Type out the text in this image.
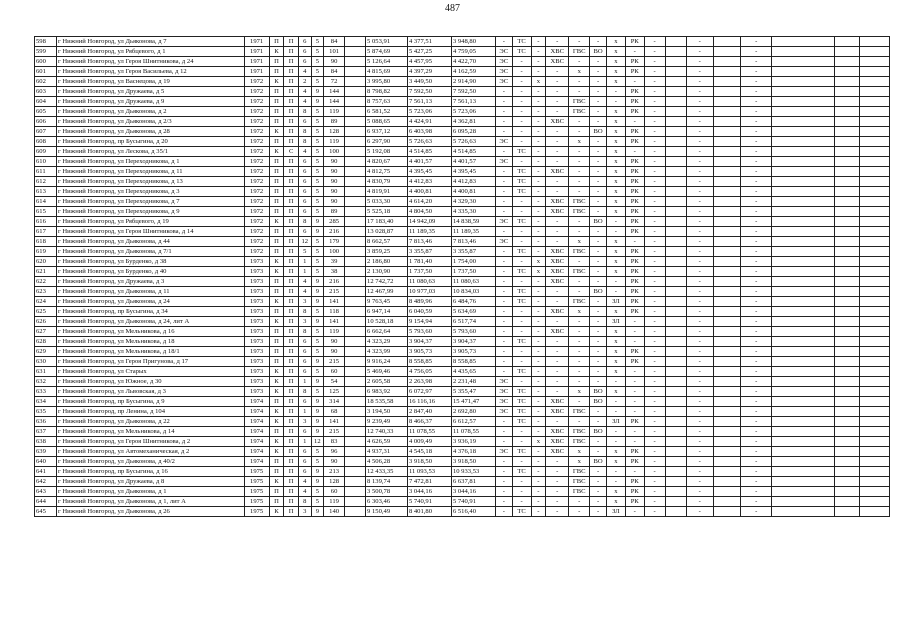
487
598	г Нижний Новгород, ул Дьяконова, д 7	1971	П	П	6	5	84		5 053,91	4 377,51	3 948,80	-	ТС	-	-	-	-	x	РК	-		-		-			
599	г Нижний Новгород, ул Рябцевого, д 1	1971	К	П	6	5	101		5 874,69	5 427,25	4 759,05	ЭС	ТС	-	ХВС	ГВС	ВО	x	-	-		-		-			
600	г Нижний Новгород, ул Героя Шнитникова, д 24	1971	П	П	6	5	90		5 126,64	4 457,95	4 422,70	ЭС	-	-	ХВС	-	-	x	РК	-		-		-			
601	г Нижний Новгород, ул Героя Васильева, д 12	1971	П	П	4	5	84		4 815,69	4 397,29	4 162,59	ЭС	-	-	-	x	-	x	РК	-		-		-			
602	г Нижний Новгород, ул Васнецова, д 19	1972	К	П	2	5	72		3 995,80	3 449,50	2 914,90	ЭС	-	x	-	-	-	x	-	-		-		-			
603	г Нижний Новгород, ул Дружаева, д 5	1972	П	П	4	9	144		8 798,82	7 592,50	7 592,50	-	-	-	-	-	-	-	РК	-		-		-			
604	г Нижний Новгород, ул Дружаева, д 9	1972	П	П	4	9	144		8 757,63	7 561,13	7 561,13	-	-	-	-	ГВС	-	-	РК	-		-		-			
605	г Нижний Новгород, ул Дьяконова, д 2	1972	П	П	8	5	119		6 581,52	5 723,06	5 723,06	-	-	-	-	ГВС	-	x	РК	-		-		-			
606	г Нижний Новгород, ул Дьяконова, д 2/3	1972	П	П	6	5	89		5 088,65	4 424,91	4 362,81	-	-	-	ХВС	-	-	x	-	-		-		-			
607	г Нижний Новгород, ул Дьяконова, д 28	1972	К	П	8	5	128		6 937,12	6 403,98	6 095,28	-	-	-	-	-	ВО	x	РК	-		-		-			
608	г Нижний Новгород, пр Бусыгина, д 20	1972	П	П	8	5	119		6 297,90	5 726,63	5 726,63	ЭС	-	-	-	x	-	x	РК	-		-		-			
609	г Нижний Новгород, ул Лескова, д 35/1	1972	К	С	4	5	100		5 192,08	4 514,85	4 514,85	-	ТС	-	-	-	-	x	-	-		-		-			
610	г Нижний Новгород, ул Переходникова, д 1	1972	П	П	6	5	90		4 820,67	4 401,57	4 401,57	ЭС	-	-	-	-	-	x	РК	-		-		-			
611	г Нижний Новгород, ул Переходникова, д 11	1972	П	П	6	5	90		4 812,75	4 395,45	4 395,45	-	ТС	-	ХВС	-	-	x	РК	-		-		-			
612	г Нижний Новгород, ул Переходникова, д 13	1972	П	П	6	5	90		4 830,79	4 412,83	4 412,83	-	ТС	-	-	-	-	x	РК	-		-		-			
613	г Нижний Новгород, ул Переходникова, д 3	1972	П	П	6	5	90		4 819,91	4 400,81	4 400,81	-	ТС	-	-	-	-	x	РК	-		-		-			
614	г Нижний Новгород, ул Переходникова, д 7	1972	П	П	6	5	90		5 033,30	4 614,20	4 329,30	-	-	-	ХВС	ГВС	-	x	РК	-		-		-			
615	г Нижний Новгород, ул Переходникова, д 9	1972	П	П	6	5	89		5 525,18	4 804,50	4 335,30	-	-	-	ХВС	ГВС	-	x	РК	-		-		-			
616	г Нижний Новгород, ул Рябцевого, д 19	1972	К	П	8	9	285		17 183,40	14 942,09	14 838,59	ЭС	ТС	-	-	-	ВО	-	РК	-		-		-			
617	г Нижний Новгород, ул Героя Шнитникова, д 14	1972	П	П	6	9	216		13 028,87	11 189,35	11 189,35	-	-	-	-	-	-	-	РК	-		-		-			
618	г Нижний Новгород, ул Дьяконова, д 44	1972	П	П	12	5	179		8 662,57	7 813,46	7 813,46	ЭС	-	-	-	x	-	x	-	-		-		-			
619	г Нижний Новгород, ул Дьяконова, д 7/1	1972	П	П	5	5	100		3 859,25	3 355,87	3 355,87	-	ТС	-	ХВС	ГВС	-	x	РК	-		-		-			
620	г Нижний Новгород, ул Бурденко, д 38	1973	К	П	1	5	39		2 186,80	1 781,40	1 754,00	-	-	x	ХВС	-	-	x	РК	-		-		-			
621	г Нижний Новгород, ул Бурденко, д 40	1973	К	П	1	5	38		2 130,90	1 737,50	1 737,50	-	ТС	x	ХВС	ГВС	-	x	РК	-		-		-			
622	г Нижний Новгород, ул Дружаева, д 3	1973	П	П	4	9	216		12 742,72	11 080,63	11 080,63	-	-	-	ХВС	-	-	-	РК	-		-		-			
623	г Нижний Новгород, ул Дьяконова, д 11	1973	П	П	4	9	215		12 467,99	10 977,03	10 834,03	-	ТС	-	-	-	ВО	-	РК	-		-		-			
624	г Нижний Новгород, ул Дьяконова, д 24	1973	К	П	3	9	141		9 763,45	8 489,96	6 484,76	-	ТС	-	-	ГВС	-	ЗЛ	РК	-		-		-			
625	г Нижний Новгород, пр Бусыгина, д 34	1973	П	П	8	5	118		6 947,14	6 040,59	5 634,69	-	-	-	ХВС	x	-	x	РК	-		-		-			
626	г Нижний Новгород, ул Дьяконова, д 24, лит А	1973	К	П	3	9	141		10 528,18	9 154,94	6 517,74	-	-	-	-	-	-	ЗЛ	-	-		-		-			
627	г Нижний Новгород, ул Мельникова, д 16	1973	П	П	8	5	119		6 662,64	5 793,60	5 793,60	-	-	-	ХВС	-	-	x	-	-		-		-			
628	г Нижний Новгород, ул Мельникова, д 18	1973	П	П	6	5	90		4 323,29	3 904,37	3 904,37	-	ТС	-	-	-	-	x	-	-		-		-			
629	г Нижний Новгород, ул Мельникова, д 18/1	1973	П	П	6	5	90		4 323,99	3 905,73	3 905,73	-	-	-	-	-	-	x	РК	-		-		-			
630	г Нижний Новгород, ул Героя Пригунова, д 17	1973	П	П	6	9	215		9 916,24	8 558,85	8 558,85	-	-	-	-	-	-	x	РК	-		-		-			
631	г Нижний Новгород, ул Старых	1973	К	П	6	5	60		5 469,46	4 756,05	4 435,65	-	ТС	-	-	-	-	x	-	-		-		-			
632	г Нижний Новгород, ул Южное, д 30	1973	К	П	1	9	54		2 605,58	2 263,98	2 231,48	ЭС	-	-	-	-	-	-	-	-		-		-			
633	г Нижний Новгород, ул Львовская, д 3	1973	К	П	8	5	125		6 983,92	6 072,97	5 355,47	ЭС	ТС	-	-	x	ВО	x	-	-		-		-			
634	г Нижний Новгород, пр Бусыгина, д 9	1974	П	П	6	9	314		18 535,58	16 116,16	15 471,47	ЭС	ТС	-	ХВС	-	ВО	-	-	-		-		-			
635	г Нижний Новгород, пр Ленина, д 104	1974	К	П	1	9	68		3 194,50	2 847,40	2 692,80	ЭС	ТС	-	ХВС	ГВС	-	-	-	-		-		-			
636	г Нижний Новгород, ул Дьяконова, д 22	1974	К	П	3	9	141		9 239,49	8 466,37	6 612,57	-	ТС	-	-	-	-	ЗЛ	РК	-		-		-			
637	г Нижний Новгород, ул Мельникова, д 14	1974	П	П	6	9	215		12 740,33	11 078,55	11 078,55	-	-	-	ХВС	ГВС	ВО	-	-	-		-		-			
638	г Нижний Новгород, ул Героя Шнитникова, д 2	1974	К	П	1	12	83		4 626,59	4 009,49	3 936,19	-	-	x	ХВС	ГВС	-	-	-	-		-		-			
639	г Нижний Новгород, ул Автомеханическая, д 2	1974	К	П	6	5	96		4 937,31	4 545,18	4 376,18	ЭС	ТС	-	ХВС	x	-	x	РК	-		-		-			
640	г Нижний Новгород, ул Дьяконова, д 40/2	1974	П	П	6	5	90		4 506,28	3 918,50	3 918,50	-	-	-	-	x	ВО	x	РК	-		-		-			
641	г Нижний Новгород, пр Бусыгина, д 16	1975	П	П	6	9	213		12 433,35	11 093,53	10 933,53	-	ТС	-	-	ГВС	-	-	-	-		-		-			
642	г Нижний Новгород, ул Дружаева, д 8	1975	К	П	4	9	128		8 139,74	7 472,81	6 637,81	-	-	-	-	ГВС	-	-	РК	-		-		-			
643	г Нижний Новгород, ул Дьяконова, д 1	1975	П	П	4	5	60		3 500,78	3 044,16	3 044,16	-	-	-	-	ГВС	-	x	РК	-		-		-			
644	г Нижний Новгород, ул Дьяконова, д 1, лит А	1975	П	П	8	5	119		6 303,46	5 740,91	5 740,91	-	-	-	-	-	-	x	РК	-		-		-			
645	г Нижний Новгород, ул Дьяконова, д 26	1975	К	П	3	9	140		9 150,49	8 401,80	6 516,40	-	ТС	-	-	-	-	ЗЛ	-	-		-		-			
